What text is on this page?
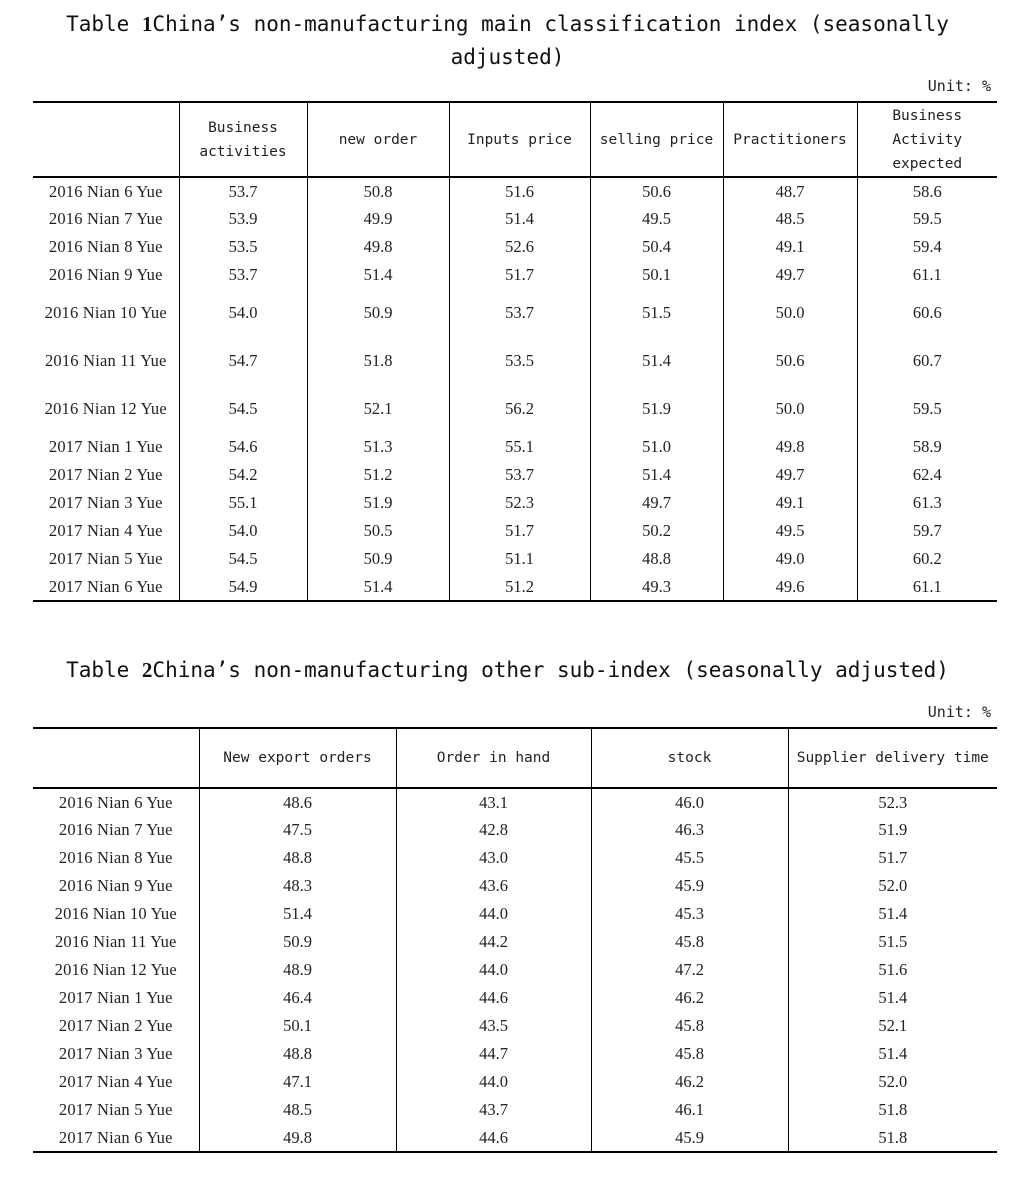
Table 1China’s non-manufacturing main classification index (seasonally
adjusted)
Unit: %
	Business activities	new order	Inputs price	selling price	Practitioners	Business Activity expected
2016 Nian 6 Yue	53.7	50.8	51.6	50.6	48.7	58.6
2016 Nian 7 Yue	53.9	49.9	51.4	49.5	48.5	59.5
2016 Nian 8 Yue	53.5	49.8	52.6	50.4	49.1	59.4
2016 Nian 9 Yue	53.7	51.4	51.7	50.1	49.7	61.1
2016 Nian 10 Yue	54.0	50.9	53.7	51.5	50.0	60.6
2016 Nian 11 Yue	54.7	51.8	53.5	51.4	50.6	60.7
2016 Nian 12 Yue	54.5	52.1	56.2	51.9	50.0	59.5
2017 Nian 1 Yue	54.6	51.3	55.1	51.0	49.8	58.9
2017 Nian 2 Yue	54.2	51.2	53.7	51.4	49.7	62.4
2017 Nian 3 Yue	55.1	51.9	52.3	49.7	49.1	61.3
2017 Nian 4 Yue	54.0	50.5	51.7	50.2	49.5	59.7
2017 Nian 5 Yue	54.5	50.9	51.1	48.8	49.0	60.2
2017 Nian 6 Yue	54.9	51.4	51.2	49.3	49.6	61.1
Table 2China’s non-manufacturing other sub-index (seasonally adjusted)
Unit: %
	New export orders	Order in hand	stock	Supplier delivery time
2016 Nian 6 Yue	48.6	43.1	46.0	52.3
2016 Nian 7 Yue	47.5	42.8	46.3	51.9
2016 Nian 8 Yue	48.8	43.0	45.5	51.7
2016 Nian 9 Yue	48.3	43.6	45.9	52.0
2016 Nian 10 Yue	51.4	44.0	45.3	51.4
2016 Nian 11 Yue	50.9	44.2	45.8	51.5
2016 Nian 12 Yue	48.9	44.0	47.2	51.6
2017 Nian 1 Yue	46.4	44.6	46.2	51.4
2017 Nian 2 Yue	50.1	43.5	45.8	52.1
2017 Nian 3 Yue	48.8	44.7	45.8	51.4
2017 Nian 4 Yue	47.1	44.0	46.2	52.0
2017 Nian 5 Yue	48.5	43.7	46.1	51.8
2017 Nian 6 Yue	49.8	44.6	45.9	51.8
